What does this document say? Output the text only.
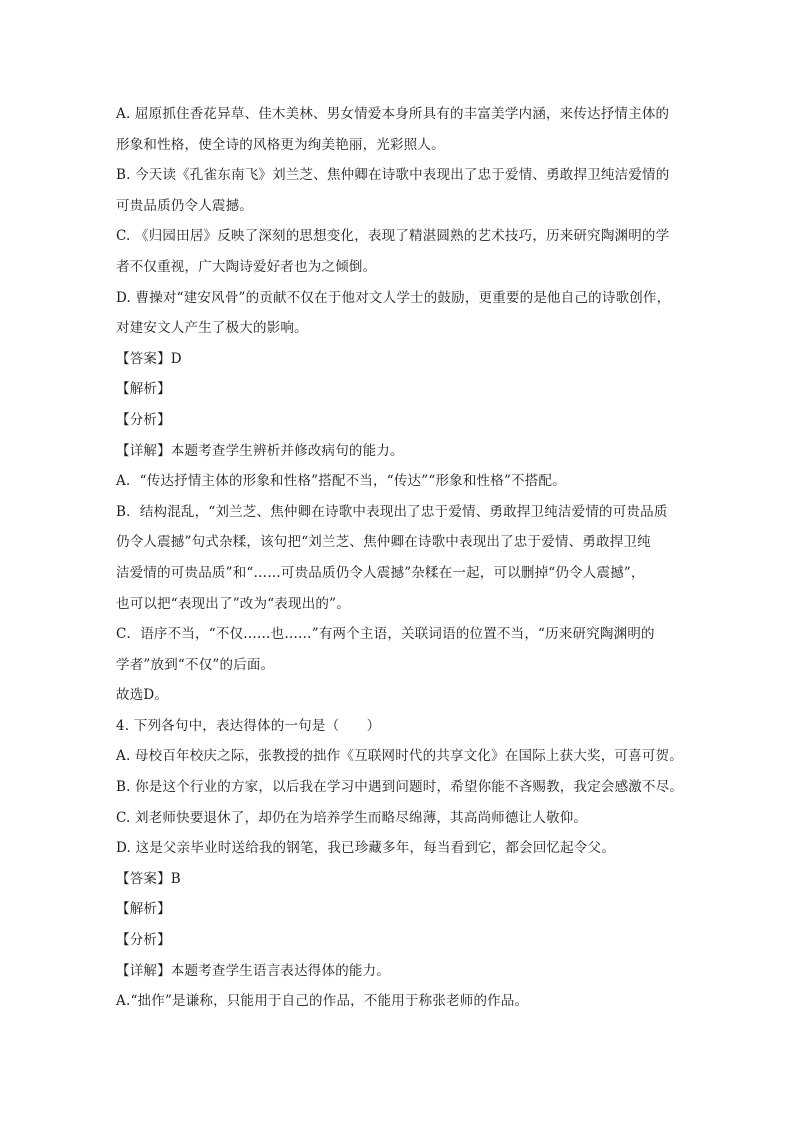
A. 屈原抓住香花异草、佳木美林、男女情爱本身所具有的丰富美学内涵，来传达抒情主体的
形象和性格，使全诗的风格更为绚美艳丽，光彩照人。
B. 今天读《孔雀东南飞》刘兰芝、焦仲卿在诗歌中表现出了忠于爱情、勇敢捍卫纯洁爱情的
可贵品质仍令人震撼。
C. 《归园田居》反映了深刻的思想变化，表现了精湛圆熟的艺术技巧，历来研究陶渊明的学
者不仅重视，广大陶诗爱好者也为之倾倒。
D. 曹操对“建安风骨”的贡献不仅在于他对文人学士的鼓励，更重要的是他自己的诗歌创作，
对建安文人产生了极大的影响。
【答案】D
【解析】
【分析】
【详解】本题考查学生辨析并修改病句的能力。
A．“传达抒情主体的形象和性格”搭配不当，“传达”“形象和性格”不搭配。
B．结构混乱，“刘兰芝、焦仲卿在诗歌中表现出了忠于爱情、勇敢捍卫纯洁爱情的可贵品质
仍令人震撼”句式杂糅，该句把“刘兰芝、焦仲卿在诗歌中表现出了忠于爱情、勇敢捍卫纯
洁爱情的可贵品质”和“……可贵品质仍令人震撼”杂糅在一起，可以删掉“仍令人震撼”，
也可以把“表现出了”改为“表现出的”。
C．语序不当，“不仅……也……”有两个主语，关联词语的位置不当，“历来研究陶渊明的
学者”放到“不仅”的后面。
故选D。
4. 下列各句中，表达得体的一句是（　　）
A. 母校百年校庆之际，张教授的拙作《互联网时代的共享文化》在国际上获大奖，可喜可贺。
B. 你是这个行业的方家，以后我在学习中遇到问题时，希望你能不吝赐教，我定会感激不尽。
C. 刘老师快要退休了，却仍在为培养学生而略尽绵薄，其高尚师德让人敬仰。
D. 这是父亲毕业时送给我的钢笔，我已珍藏多年，每当看到它，都会回忆起令父。
【答案】B
【解析】
【分析】
【详解】本题考查学生语言表达得体的能力。
A.“拙作”是谦称，只能用于自己的作品，不能用于称张老师的作品。
